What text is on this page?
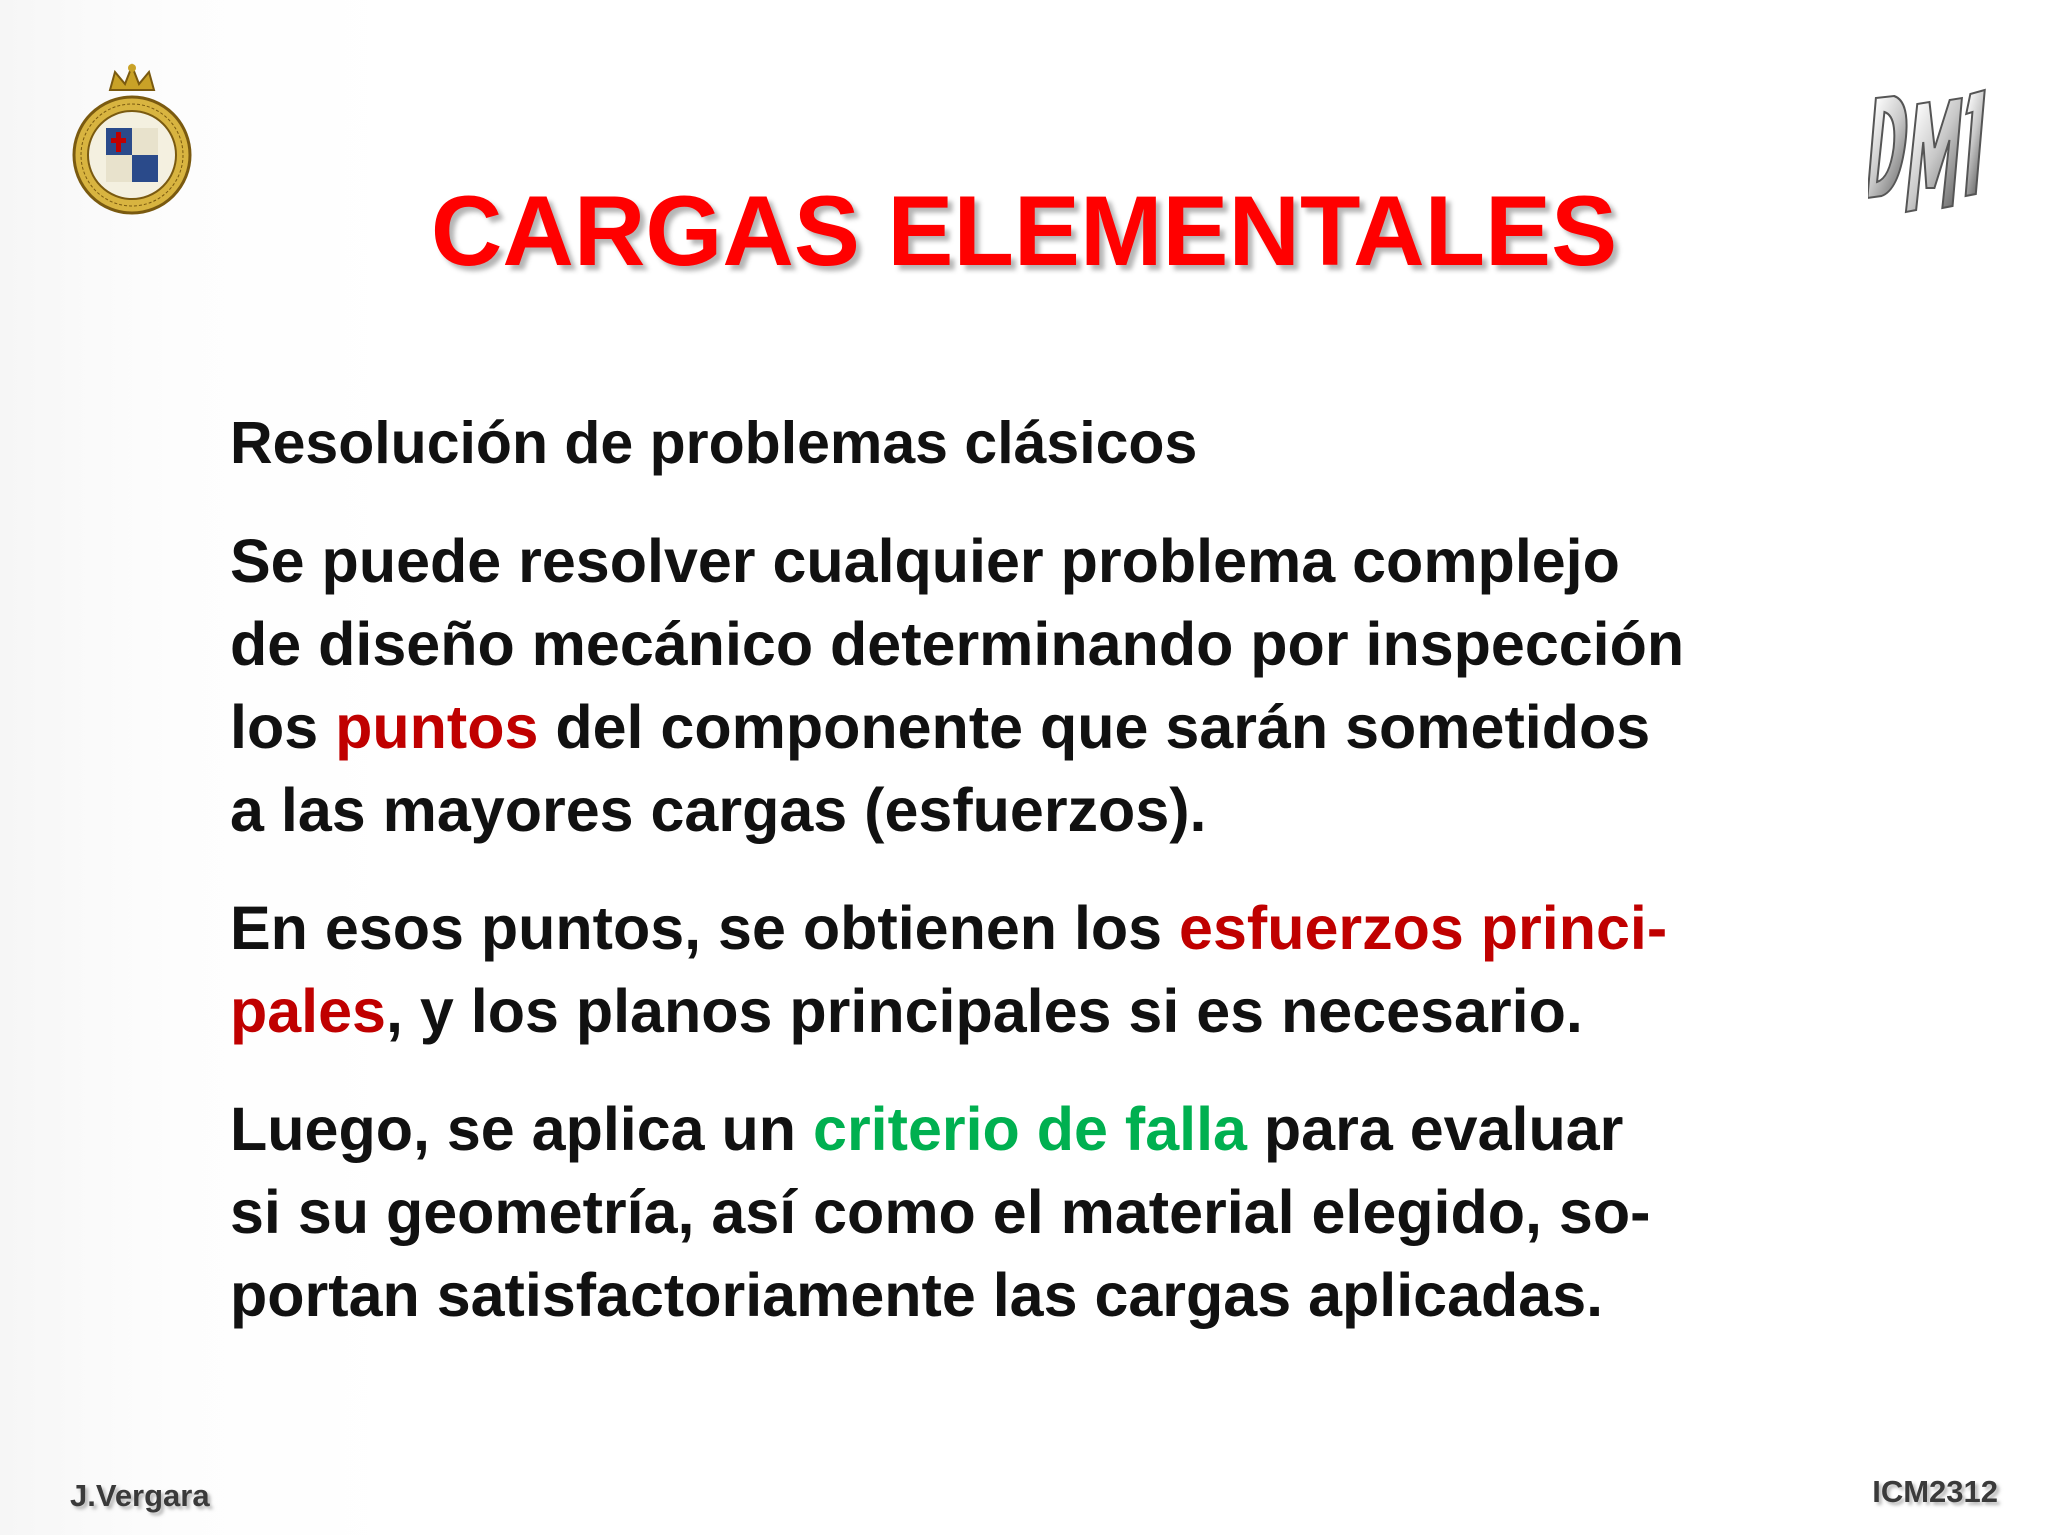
CARGAS ELEMENTALES
Resolución de problemas clásicos
Se puede resolver cualquier problema complejo
de diseño mecánico determinando por inspección
los puntos del componente que sarán sometidos
a las mayores cargas (esfuerzos).
En esos puntos, se obtienen los esfuerzos princi-
pales, y los planos principales si es necesario.
Luego, se aplica un criterio de falla para evaluar
si su geometría, así como el material elegido, so-
portan satisfactoriamente las cargas aplicadas.
J.Vergara	ICM2312
